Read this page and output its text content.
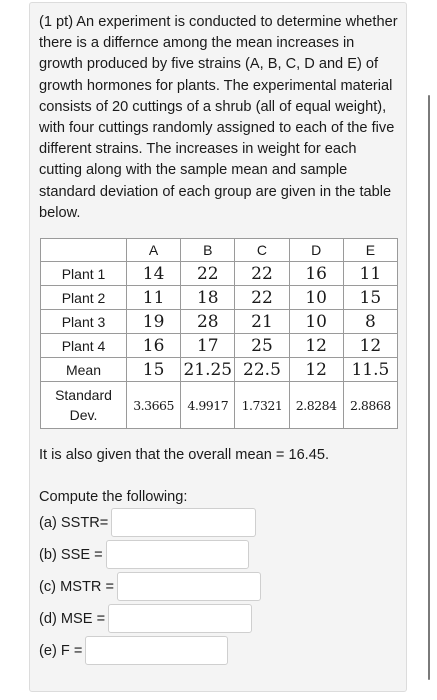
(1 pt) An experiment is conducted to determine whether there is a differnce among the mean increases in growth produced by five strains (A, B, C, D and E) of growth hormones for plants. The experimental material consists of 20 cuttings of a shrub (all of equal weight), with four cuttings randomly assigned to each of the five different strains. The increases in weight for each cutting along with the sample mean and sample standard deviation of each group are given in the table below.

	A	B	C	D	E
Plant 1	14	22	22	16	11
Plant 2	11	18	22	10	15
Plant 3	19	28	21	10	8
Plant 4	16	17	25	12	12
Mean	15	21.25	22.5	12	11.5
Standard Dev.	3.3665	4.9917	1.7321	2.8284	2.8868

It is also given that the overall mean = 16.45.

Compute the following:

(a) SSTR=
(b) SSE =
(c) MSTR =
(d) MSE =
(e) F =
